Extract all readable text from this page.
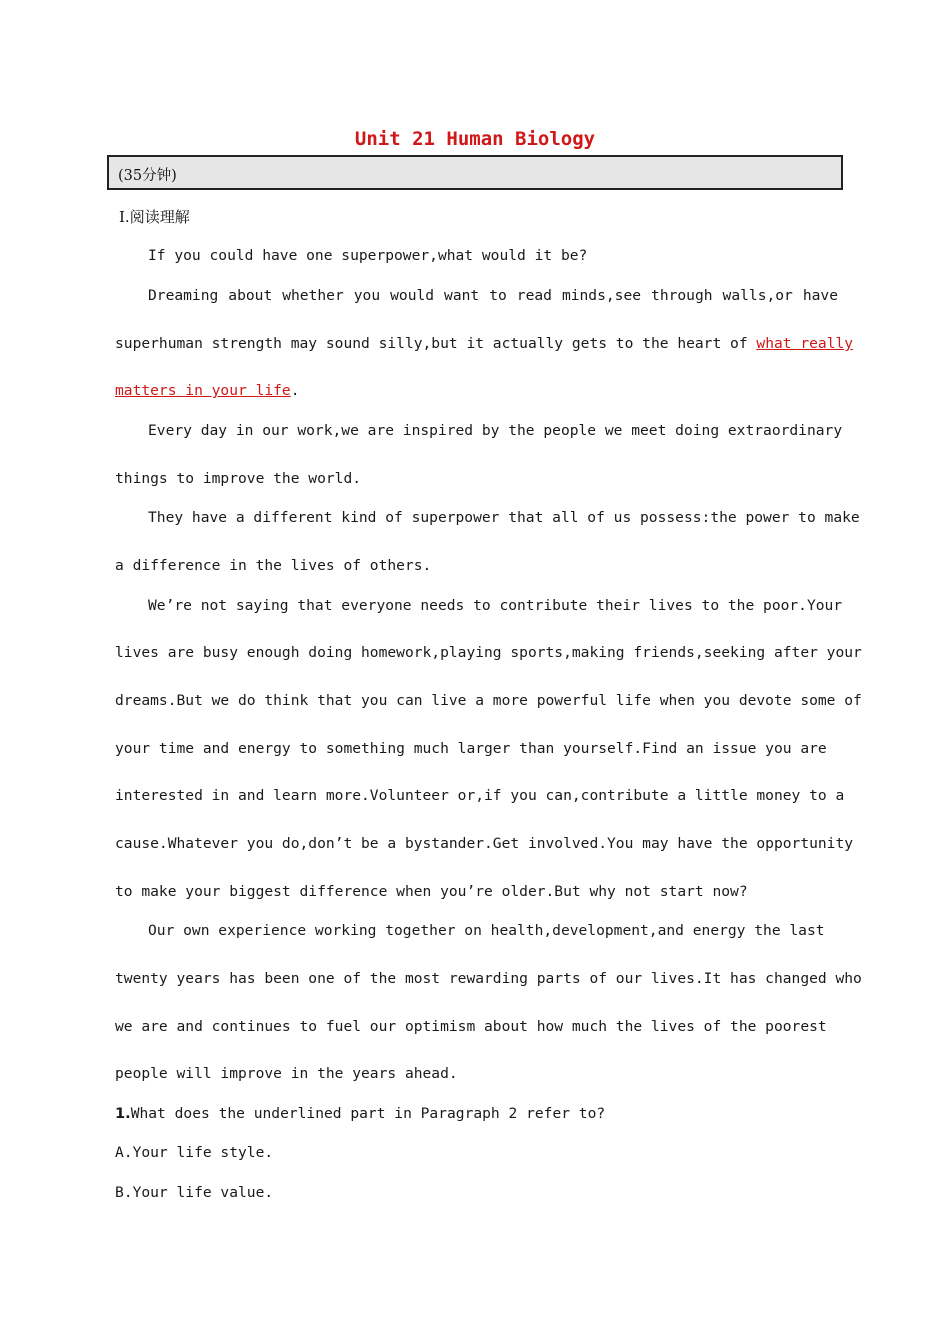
Unit 21 Human Biology
(35分钟)
Ⅰ.阅读理解
If you could have one superpower,what would it be?
Dreaming about whether you would want to read minds,see through walls,or have
superhuman strength may sound silly,but it actually gets to the heart of what really
matters in your life.
Every day in our work,we are inspired by the people we meet doing extraordinary
things to improve the world.
They have a different kind of superpower that all of us possess:the power to make
a difference in the lives of others.
We’re not saying that everyone needs to contribute their lives to the poor.Your
lives are busy enough doing homework,playing sports,making friends,seeking after your
dreams.But we do think that you can live a more powerful life when you devote some of
your time and energy to something much larger than yourself.Find an issue you are
interested in and learn more.Volunteer or,if you can,contribute a little money to a
cause.Whatever you do,don’t be a bystander.Get involved.You may have the opportunity
to make your biggest difference when you’re older.But why not start now?
Our own experience working together on health,development,and energy the last
twenty years has been one of the most rewarding parts of our lives.It has changed who
we are and continues to fuel our optimism about how much the lives of the poorest
people will improve in the years ahead.
1.What does the underlined part in Paragraph 2 refer to?
A.Your life style.
B.Your life value.
